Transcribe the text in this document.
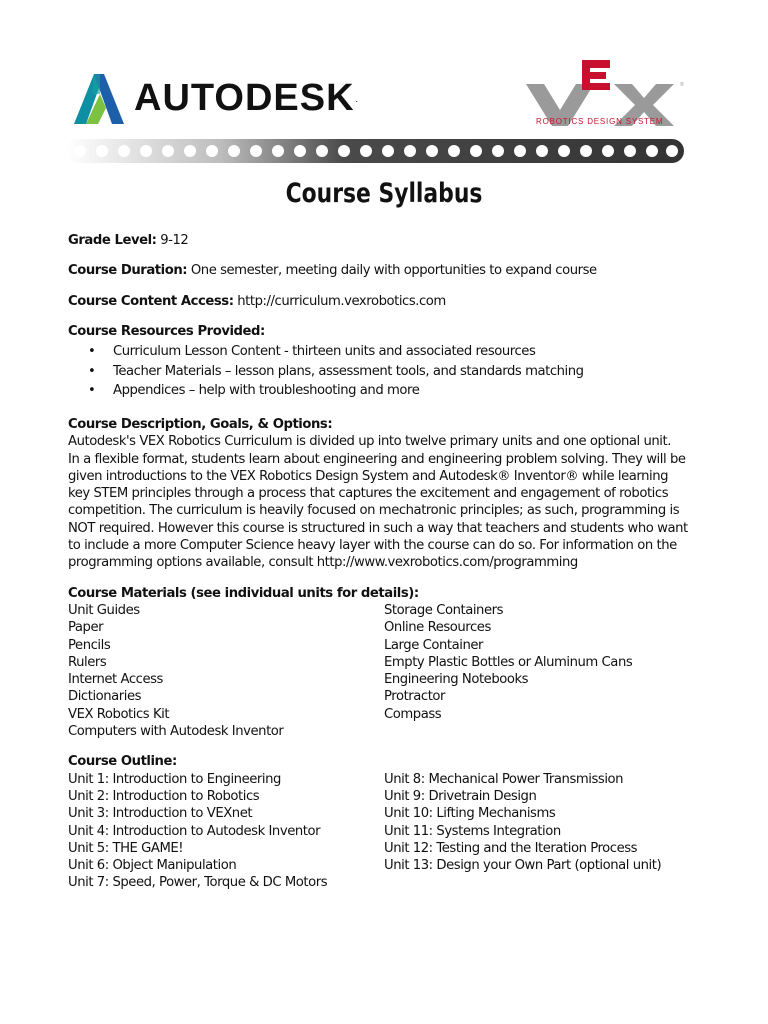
AUTODESK.
®
ROBOTICS DESIGN SYSTEM
Course Syllabus
Grade Level: 9-12
Course Duration: One semester, meeting daily with opportunities to expand course
Course Content Access: http://curriculum.vexrobotics.com
Course Resources Provided:
• Curriculum Lesson Content - thirteen units and associated resources
• Teacher Materials – lesson plans, assessment tools, and standards matching
• Appendices – help with troubleshooting and more
Course Description, Goals, & Options:
Autodesk's VEX Robotics Curriculum is divided up into twelve primary units and one optional unit.
In a flexible format, students learn about engineering and engineering problem solving. They will be
given introductions to the VEX Robotics Design System and Autodesk® Inventor® while learning
key STEM principles through a process that captures the excitement and engagement of robotics
competition. The curriculum is heavily focused on mechatronic principles; as such, programming is
NOT required. However this course is structured in such a way that teachers and students who want
to include a more Computer Science heavy layer with the course can do so. For information on the
programming options available, consult http://www.vexrobotics.com/programming
Course Materials (see individual units for details):
Unit Guides
Paper
Pencils
Rulers
Internet Access
Dictionaries
VEX Robotics Kit
Computers with Autodesk Inventor
Storage Containers
Online Resources
Large Container
Empty Plastic Bottles or Aluminum Cans
Engineering Notebooks
Protractor
Compass
Course Outline:
Unit 1: Introduction to Engineering
Unit 2: Introduction to Robotics
Unit 3: Introduction to VEXnet
Unit 4: Introduction to Autodesk Inventor
Unit 5: THE GAME!
Unit 6: Object Manipulation
Unit 7: Speed, Power, Torque & DC Motors
Unit 8: Mechanical Power Transmission
Unit 9: Drivetrain Design
Unit 10: Lifting Mechanisms
Unit 11: Systems Integration
Unit 12: Testing and the Iteration Process
Unit 13: Design your Own Part (optional unit)
